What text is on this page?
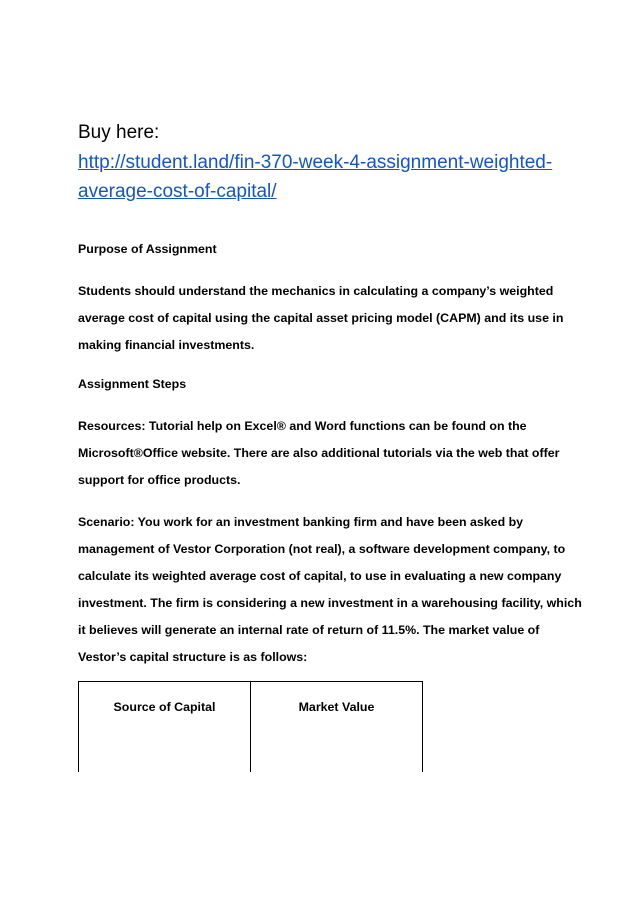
Buy here:

http://student.land/fin-370-week-4-assignment-weighted-
average-cost-of-capital/

Purpose of Assignment

Students should understand the mechanics in calculating a company’s weighted

average cost of capital using the capital asset pricing model (CAPM) and its use in

making financial investments.

Assignment Steps

Resources: Tutorial help on Excel® and Word functions can be found on the

Microsoft®Office website. There are also additional tutorials via the web that offer

support for office products.

Scenario: You work for an investment banking firm and have been asked by

management of Vestor Corporation (not real), a software development company, to

calculate its weighted average cost of capital, to use in evaluating a new company

investment. The firm is considering a new investment in a warehousing facility, which

it believes will generate an internal rate of return of 11.5%. The market value of

Vestor’s capital structure is as follows:

Source of Capital	Market Value
